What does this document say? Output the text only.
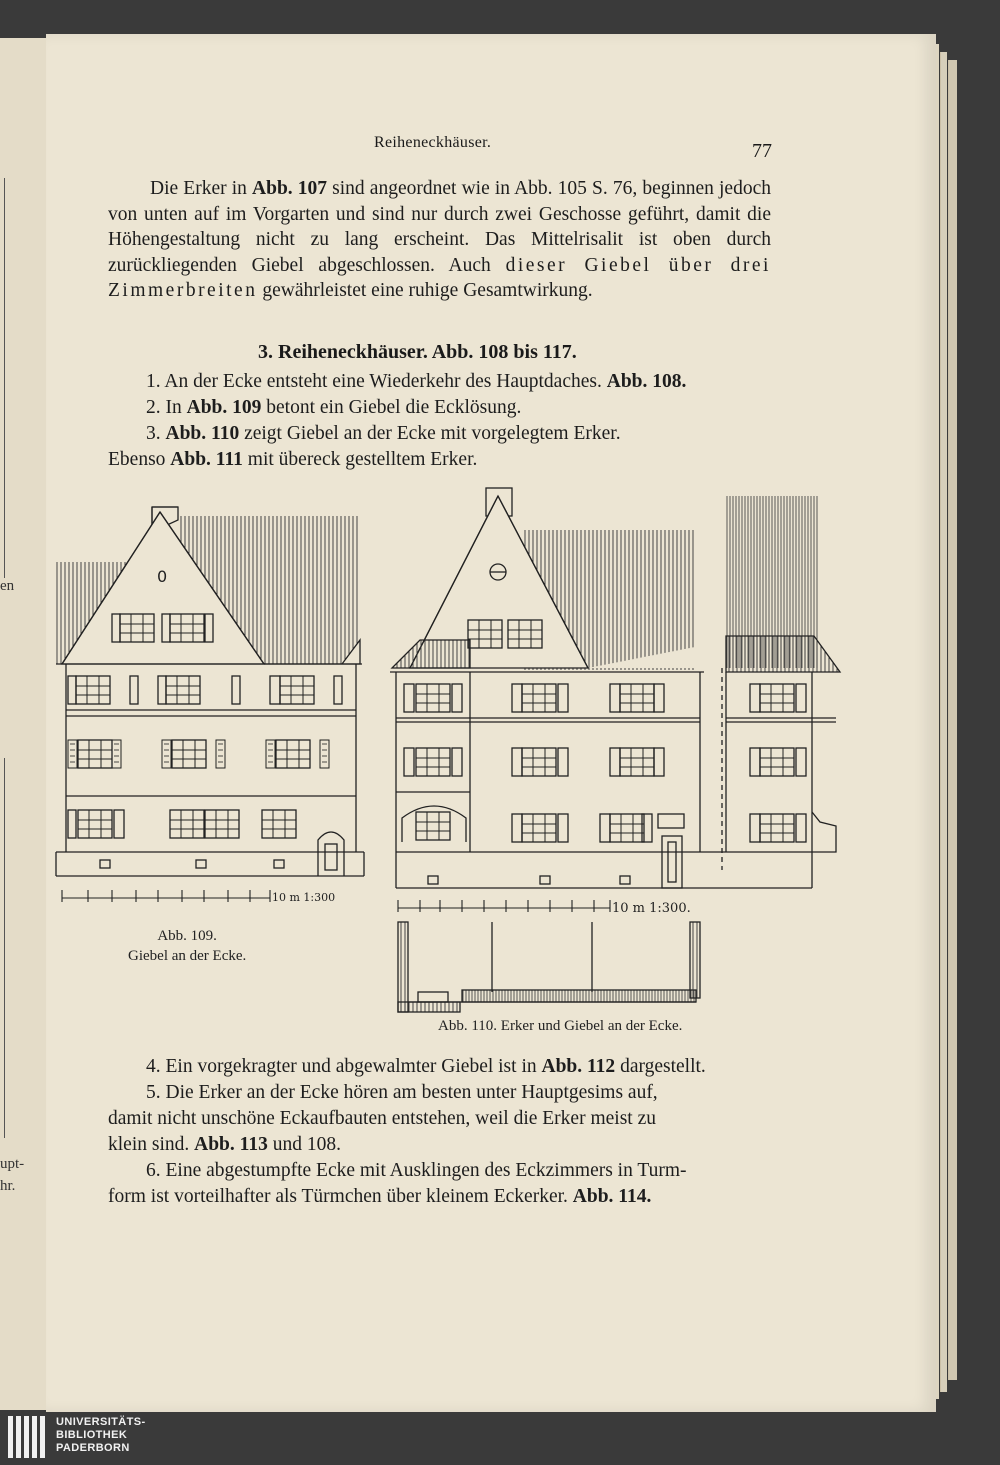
en
upt-
hr.
Reiheneckhäuser.	77

Die Erker in Abb. 107 sind angeordnet wie in Abb. 105 S. 76, beginnen jedoch von unten auf im Vorgarten und sind nur durch zwei Geschosse geführt, damit die Höhengestaltung nicht zu lang erscheint. Das Mittelrisalit ist oben durch zurückliegenden Giebel abgeschlossen. Auch dieser Giebel über drei Zimmerbreiten gewährleistet eine ruhige Gesamtwirkung.

3. Reiheneckhäuser. Abb. 108 bis 117.
1. An der Ecke entsteht eine Wiederkehr des Hauptdaches. Abb. 108.
2. In Abb. 109 betont ein Giebel die Ecklösung.
3. Abb. 110 zeigt Giebel an der Ecke mit vorgelegtem Erker.
Ebenso Abb. 111 mit übereck gestelltem Erker.
0
10 m 1:300
10 m 1:300.
Abb. 109.
Giebel an der Ecke.
Abb. 110. Erker und Giebel an der Ecke.
4. Ein vorgekragter und abgewalmter Giebel ist in Abb. 112 dargestellt.
5. Die Erker an der Ecke hören am besten unter Hauptgesims auf,
damit nicht unschöne Eckaufbauten entstehen, weil die Erker meist zu
klein sind. Abb. 113 und 108.
6. Eine abgestumpfte Ecke mit Ausklingen des Eckzimmers in Turm-
form ist vorteilhafter als Türmchen über kleinem Eckerker. Abb. 114.
UNIVERSITÄTS-
BIBLIOTHEK
PADERBORN
